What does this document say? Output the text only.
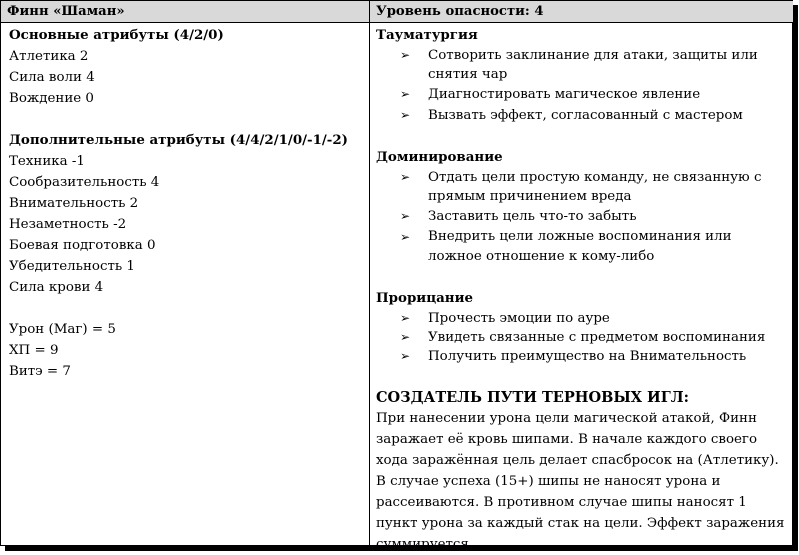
Финн «Шаман»	Уровень опасности: 4
Основные атрибуты (4/2/0)
Атлетика 2
Сила воли 4
Вождение 0
Дополнительные атрибуты (4/4/2/1/0/-1/-2)
Техника -1
Сообразительность 4
Внимательность 2
Незаметность -2
Боевая подготовка 0
Убедительность 1
Сила крови 4
Урон (Маг) = 5
ХП = 9
Витэ = 7
Тауматургия
➢ Сотворить заклинание для атаки, защиты или снятия чар
➢ Диагностировать магическое явление
➢ Вызвать эффект, согласованный с мастером
Доминирование
➢ Отдать цели простую команду, не связанную с прямым причинением вреда
➢ Заставить цель что-то забыть
➢ Внедрить цели ложные воспоминания или ложное отношение к кому-либо
Прорицание
➢ Прочесть эмоции по ауре
➢ Увидеть связанные с предметом воспоминания
➢ Получить преимущество на Внимательность
СОЗДАТЕЛЬ ПУТИ ТЕРНОВЫХ ИГЛ:
При нанесении урона цели магической атакой, Финн заражает её кровь шипами. В начале каждого своего хода заражённая цель делает спасбросок на (Атлетику). В случае успеха (15+) шипы не наносят урона и рассеиваются. В противном случае шипы наносят 1 пункт урона за каждый стак на цели. Эффект заражения суммируется.
